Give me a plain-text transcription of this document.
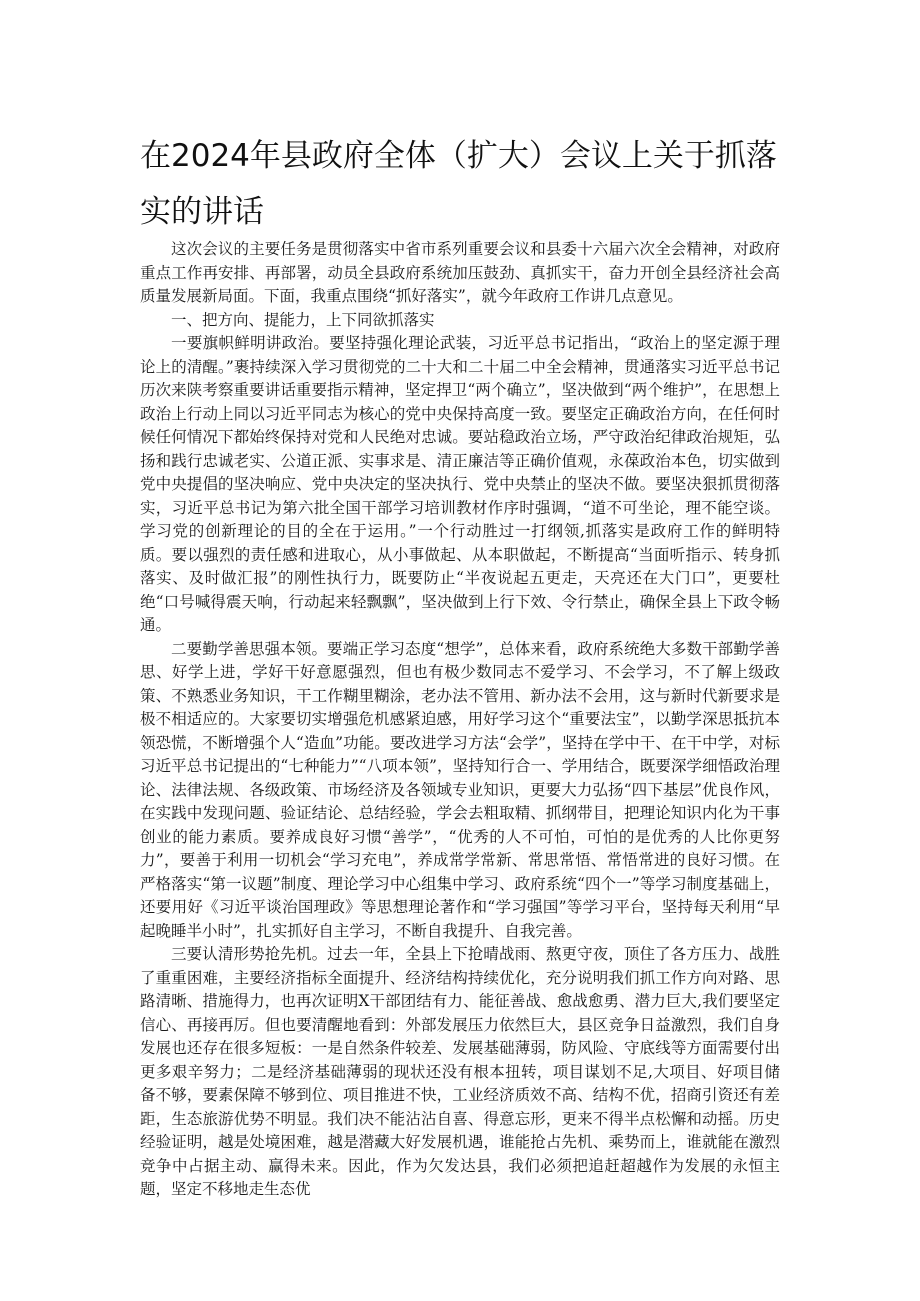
在2024年县政府全体（扩大）会议上关于抓落实的讲话

这次会议的主要任务是贯彻落实中省市系列重要会议和县委十六届六次全会精神，对政府重点工作再安排、再部署，动员全县政府系统加压鼓劲、真抓实干，奋力开创全县经济社会高质量发展新局面。下面，我重点围绕“抓好落实”，就今年政府工作讲几点意见。

一、把方向、提能力，上下同欲抓落实

一要旗帜鲜明讲政治。要坚持强化理论武装，习近平总书记指出，“政治上的坚定源于理论上的清醒。”裹持续深入学习贯彻党的二十大和二十届二中全会精神，贯通落实习近平总书记历次来陕考察重要讲话重要指示精神，坚定捍卫“两个确立”，坚决做到“两个维护”，在思想上政治上行动上同以习近平同志为核心的党中央保持高度一致。要坚定正确政治方向，在任何时候任何情况下都始终保持对党和人民绝对忠诚。要站稳政治立场，严守政治纪律政治规矩，弘扬和践行忠诚老实、公道正派、实事求是、清正廉洁等正确价值观，永葆政治本色，切实做到党中央提倡的坚决响应、党中央决定的坚决执行、党中央禁止的坚决不做。要坚决狠抓贯彻落实，习近平总书记为第六批全国干部学习培训教材作序时强调，“道不可坐论，理不能空谈。学习党的创新理论的目的全在于运用。”一个行动胜过一打纲领,抓落实是政府工作的鲜明特质。要以强烈的责任感和进取心，从小事做起、从本职做起，不断提高“当面听指示、转身抓落实、及时做汇报”的刚性执行力，既要防止“半夜说起五更走，天亮还在大门口”，更要杜绝“口号喊得震天响，行动起来轻飘飘”，坚决做到上行下效、令行禁止，确保全县上下政令畅通。

二要勤学善思强本领。要端正学习态度“想学”，总体来看，政府系统绝大多数干部勤学善思、好学上进，学好干好意愿强烈，但也有极少数同志不爱学习、不会学习，不了解上级政策、不熟悉业务知识，干工作糊里糊涂，老办法不管用、新办法不会用，这与新时代新要求是极不相适应的。大家要切实增强危机感紧迫感，用好学习这个“重要法宝”，以勤学深思抵抗本领恐慌，不断增强个人“造血”功能。要改进学习方法“会学”，坚持在学中干、在干中学，对标习近平总书记提出的“七种能力”“八项本领”，坚持知行合一、学用结合，既要深学细悟政治理论、法律法规、各级政策、市场经济及各领域专业知识，更要大力弘扬“四下基层”优良作风，在实践中发现问题、验证结论、总结经验，学会去粗取精、抓纲带目，把理论知识内化为干事创业的能力素质。要养成良好习惯“善学”，“优秀的人不可怕，可怕的是优秀的人比你更努力”，要善于利用一切机会“学习充电”，养成常学常新、常思常悟、常悟常进的良好习惯。在严格落实“第一议题”制度、理论学习中心组集中学习、政府系统“四个一”等学习制度基础上，还要用好《习近平谈治国理政》等思想理论著作和“学习强国”等学习平台，坚持每天利用“早起晚睡半小时”，扎实抓好自主学习，不断自我提升、自我完善。

三要认清形势抢先机。过去一年，全县上下抢晴战雨、熬更守夜，顶住了各方压力、战胜了重重困难，主要经济指标全面提升、经济结构持续优化，充分说明我们抓工作方向对路、思路清晰、措施得力，也再次证明X干部团结有力、能征善战、愈战愈勇、潜力巨大,我们要坚定信心、再接再厉。但也要清醒地看到：外部发展压力依然巨大，县区竞争日益激烈，我们自身发展也还存在很多短板：一是自然条件较差、发展基础薄弱，防风险、守底线等方面需要付出更多艰辛努力；二是经济基础薄弱的现状还没有根本扭转，项目谋划不足,大项目、好项目储备不够，要素保障不够到位、项目推进不快，工业经济质效不高、结构不优，招商引资还有差距，生态旅游优势不明显。我们决不能沾沾自喜、得意忘形，更来不得半点松懈和动摇。历史经验证明，越是处境困难，越是潜藏大好发展机遇，谁能抢占先机、乘势而上，谁就能在激烈竞争中占据主动、赢得未来。因此，作为欠发达县，我们必须把追赶超越作为发展的永恒主题，坚定不移地走生态优
